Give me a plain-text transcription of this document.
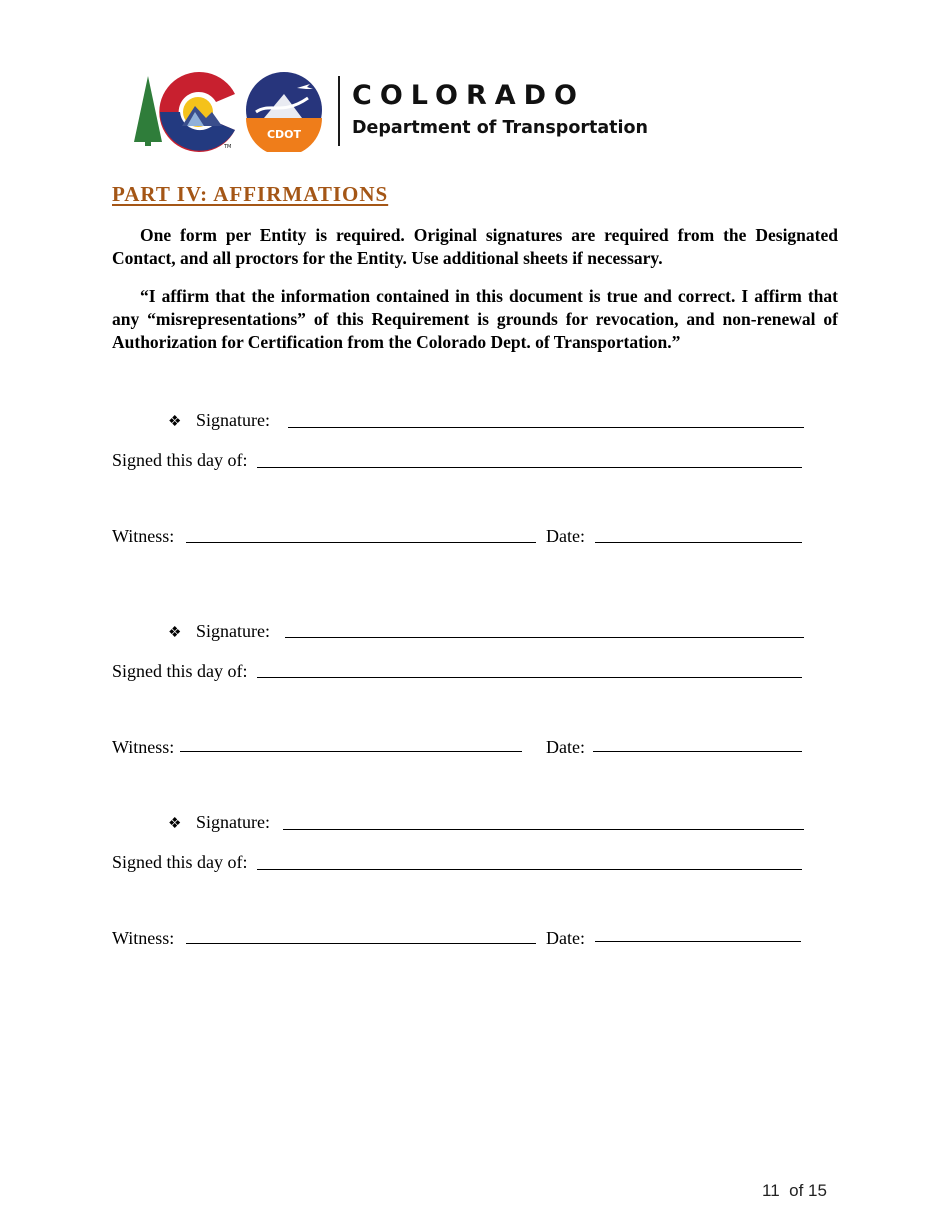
CDOT
TM
COLORADO
Department of Transportation
PART IV: AFFIRMATIONS
One form per Entity is required. Original signatures are required from the Designated Contact, and all proctors for the Entity. Use additional sheets if necessary.
“I affirm that the information contained in this document is true and correct. I affirm that any “misrepresentations” of this Requirement is grounds for revocation, and non-renewal of Authorization for Certification from the Colorado Dept. of Transportation.”
❖ Signature:
Signed this day of:
Witness:	Date:
❖ Signature:
Signed this day of:
Witness:	Date:
❖ Signature:
Signed this day of:
Witness:	Date:
11 of 15
